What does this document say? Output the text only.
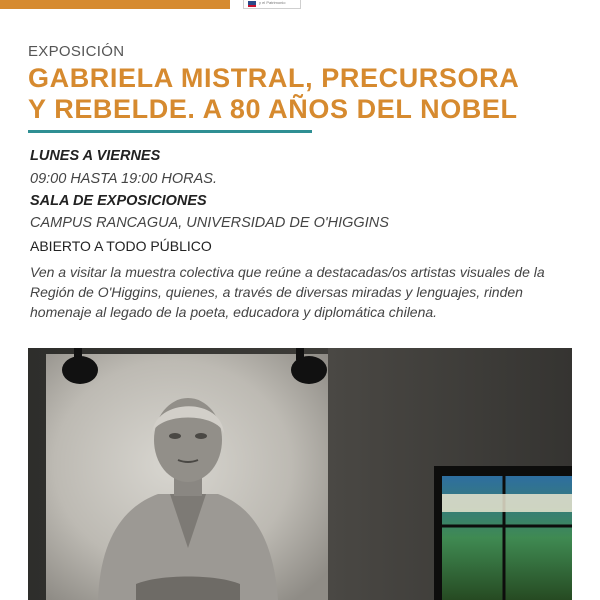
y el Patrimonio
EXPOSICIÓN
GABRIELA MISTRAL, PRECURSORA
Y REBELDE. A 80 AÑOS DEL NOBEL
LUNES A VIERNES
09:00 HASTA 19:00 HORAS.
SALA DE EXPOSICIONES
CAMPUS RANCAGUA, UNIVERSIDAD DE O'HIGGINS
ABIERTO A TODO PÚBLICO

Ven a visitar la muestra colectiva que reúne a destacadas/os artistas visuales de la Región de O'Higgins, quienes, a través de diversas miradas y lenguajes, rinden homenaje al legado de la poeta, educadora y diplomática chilena.
